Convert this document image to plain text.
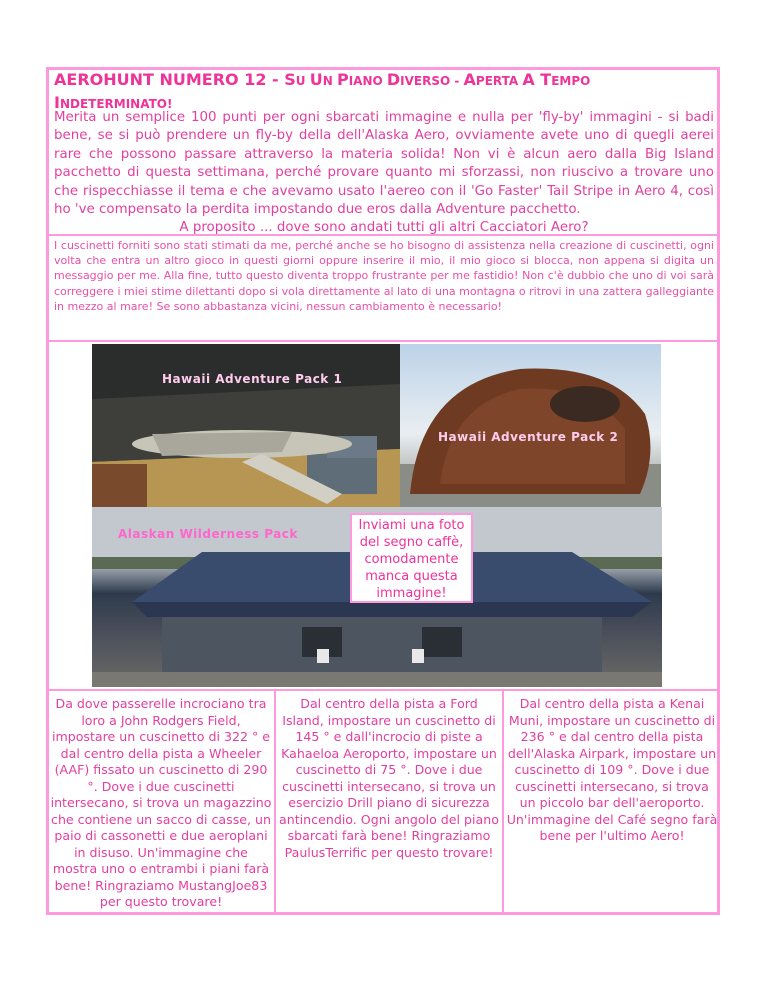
AEROHUNT NUMERO 12 - SU UN PIANO DIVERSO - APERTA A TEMPO
INDETERMINATO!

Merita un semplice 100 punti per ogni sbarcati immagine e nulla per 'fly-by' immagini - si badi bene, se si può prendere un fly-by della dell'Alaska Aero, ovviamente avete uno di quegli aerei rare che possono passare attraverso la materia solida! Non vi è alcun aero dalla Big Island pacchetto di questa settimana, perché provare quanto mi sforzassi, non riuscivo a trovare uno che rispecchiasse il tema e che avevamo usato l'aereo con il 'Go Faster' Tail Stripe in Aero 4, così ho 've compensato la perdita impostando due eros dalla Adventure pacchetto.
A proposito ... dove sono andati tutti gli altri Cacciatori Aero?

I cuscinetti forniti sono stati stimati da me, perché anche se ho bisogno di assistenza nella creazione di cuscinetti, ogni volta che entra un altro gioco in questi giorni oppure inserire il mio, il mio gioco si blocca, non appena si digita un messaggio per me. Alla fine, tutto questo diventa troppo frustrante per me fastidio! Non c'è dubbio che uno di voi sarà correggere i miei stime dilettanti dopo si vola direttamente al lato di una montagna o ritrovi in una zattera galleggiante in mezzo al mare! Se sono abbastanza vicini, nessun cambiamento è necessario!

Hawaii Adventure Pack 1

Hawaii Adventure Pack 2

Alaskan Wilderness Pack

Inviami una foto del segno caffè, comodamente manca questa immagine!

Da dove passerelle incrociano tra loro a John Rodgers Field, impostare un cuscinetto di 322 ° e dal centro della pista a Wheeler (AAF) fissato un cuscinetto di 290 °. Dove i due cuscinetti intersecano, si trova un magazzino che contiene un sacco di casse, un paio di cassonetti e due aeroplani in disuso. Un'immagine che mostra uno o entrambi i piani farà bene! Ringraziamo MustangJoe83 per questo trovare!

Dal centro della pista a Ford Island, impostare un cuscinetto di 145 ° e dall'incrocio di piste a Kahaeloa Aeroporto, impostare un cuscinetto di 75 °. Dove i due cuscinetti intersecano, si trova un esercizio Drill piano di sicurezza antincendio. Ogni angolo del piano sbarcati farà bene! Ringraziamo PaulusTerrific per questo trovare!

Dal centro della pista a Kenai Muni, impostare un cuscinetto di 236 ° e dal centro della pista dell'Alaska Airpark, impostare un cuscinetto di 109 °. Dove i due cuscinetti intersecano, si trova un piccolo bar dell'aeroporto. Un'immagine del Café segno farà bene per l'ultimo Aero!
